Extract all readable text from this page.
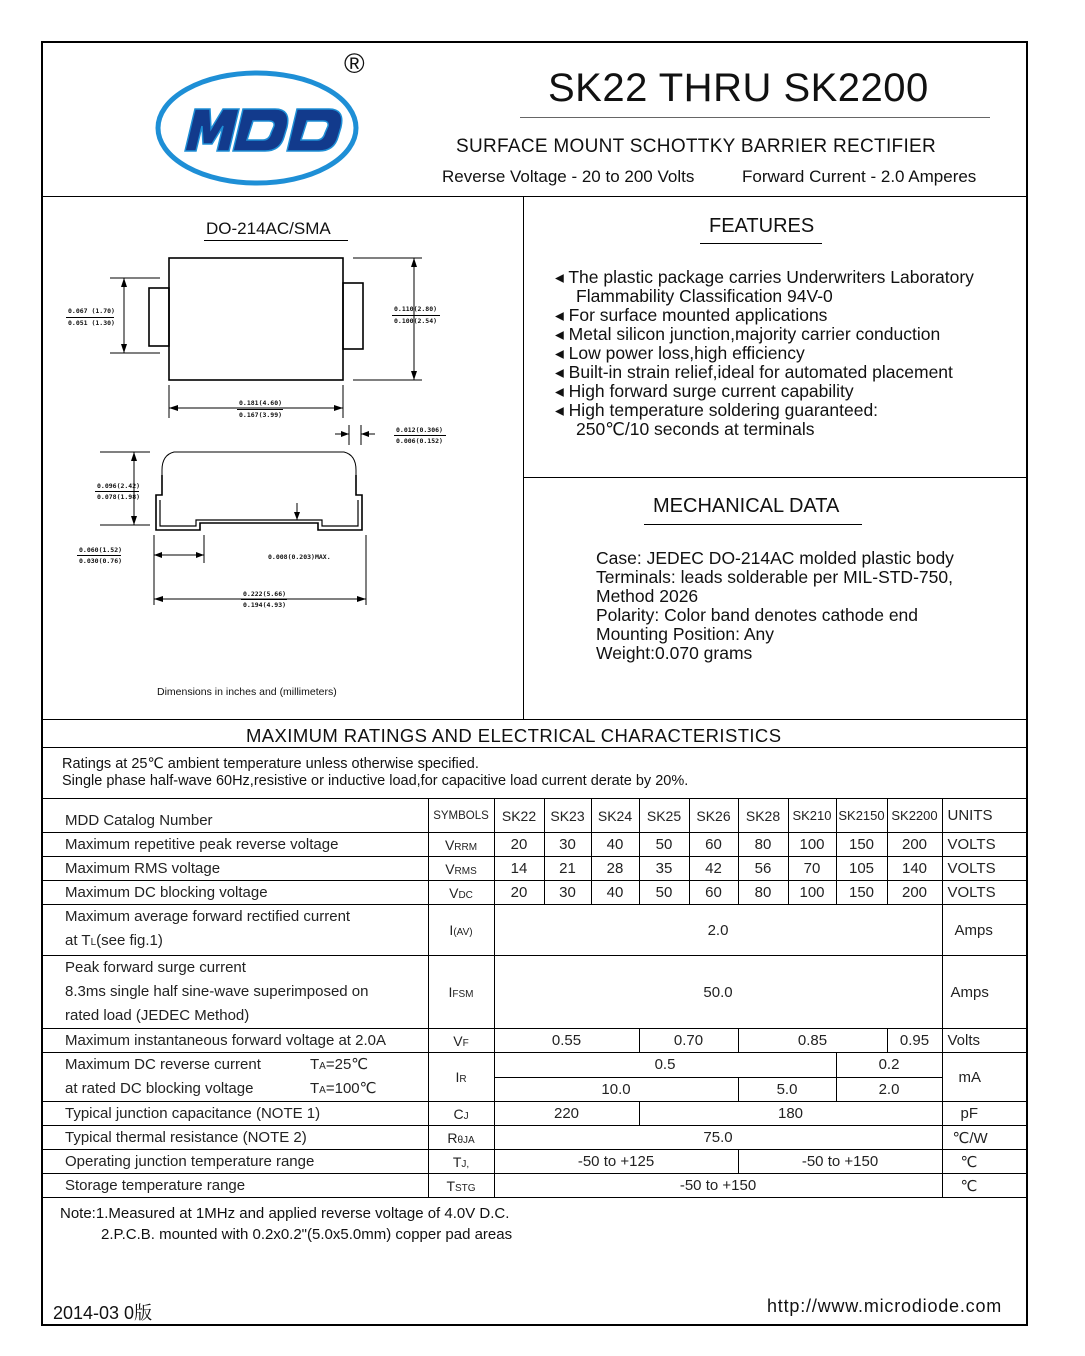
®
SK22 THRU SK2200
SURFACE MOUNT SCHOTTKY BARRIER RECTIFIER
Reverse Voltage - 20 to 200 Volts	Forward Current - 2.0 Amperes
DO-214AC/SMA
0.067 (1.70)
0.051 (1.30)
0.110(2.80)
0.100(2.54)
0.181(4.60)
0.167(3.99)
0.012(0.306)
0.006(0.152)
0.096(2.42)
0.078(1.98)
0.060(1.52)
0.030(0.76)	0.008(0.203)MAX.
0.222(5.66)
0.194(4.93)
Dimensions in inches and (millimeters)
FEATURES
◂ The plastic package carries Underwriters Laboratory
Flammability Classification 94V-0
◂ For surface mounted applications
◂ Metal silicon junction,majority carrier conduction
◂ Low power loss,high efficiency
◂ Built-in strain relief,ideal for automated placement
◂ High forward surge current capability
◂ High temperature soldering guaranteed:
250℃/10 seconds at terminals
MECHANICAL DATA
Case: JEDEC DO-214AC molded plastic body
Terminals: leads solderable per MIL-STD-750,
Method 2026
Polarity: Color band denotes cathode end
Mounting Position: Any
Weight:0.070 grams
MAXIMUM RATINGS AND ELECTRICAL CHARACTERISTICS
Ratings at 25℃ ambient temperature unless otherwise specified.
Single phase half-wave 60Hz,resistive or inductive load,for capacitive load current derate by 20%.
MDD Catalog Number	SYMBOLS	SK22	SK23	SK24	SK25	SK26	SK28	SK210	SK2150	SK2200	UNITS
Maximum repetitive peak reverse voltage	VRRM	20	30	40	50	60	80	100	150	200	VOLTS
Maximum RMS voltage	VRMS	14	21	28	35	42	56	70	105	140	VOLTS
Maximum DC blocking voltage	VDC	20	30	40	50	60	80	100	150	200	VOLTS

Maximum average forward rectified current
at TL(see fig.1)	I(AV)	2.0									Amps

Peak forward surge current
8.3ms single half sine-wave superimposed on
rated load (JEDEC Method)	IFSM	50.0									Amps
Maximum instantaneous forward voltage at 2.0A	VF	0.55			0.70		0.85			0.95	Volts

Maximum DC reverse current TA=25℃
at rated DC blocking voltage TA=100℃	IR	0.5							0.2		mA
		10.0					5.0		2.0		
Typical junction capacitance (NOTE 1)	CJ	220			180						pF
Typical thermal resistance (NOTE 2)	RθJA	75.0									℃/W
Operating junction temperature range	TJ,	-50 to +125					-50 to +150				℃
Storage temperature range	TSTG	-50 to +150									℃
Note:1.Measured at 1MHz and applied reverse voltage of 4.0V D.C.
2.P.C.B. mounted with 0.2x0.2"(5.0x5.0mm) copper pad areas
2014-03 0版	http://www.microdiode.com
